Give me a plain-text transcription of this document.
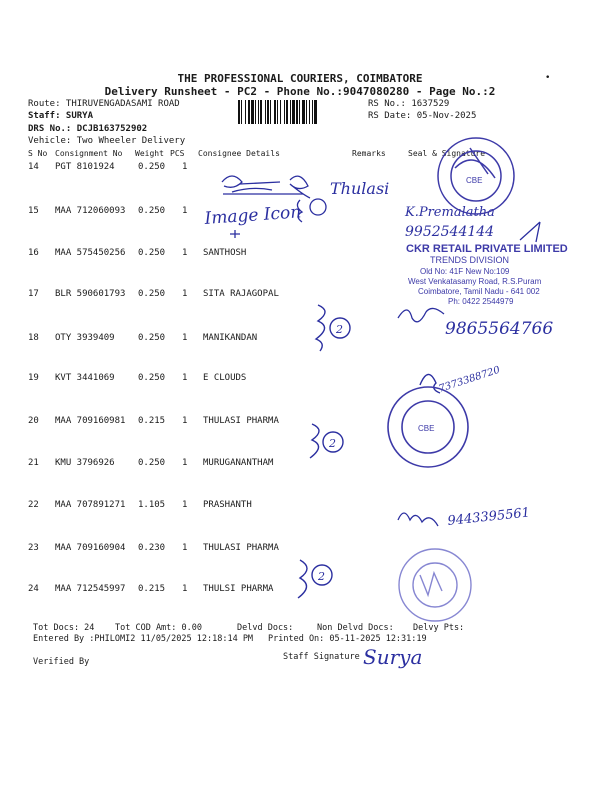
THE PROFESSIONAL COURIERS, COIMBATORE
Delivery Runsheet - PC2 - Phone No.:9047080280 - Page No.:2
•
Route: THIRUVENGADASAMI ROAD
Staff: SURYA
DRS No.: DCJB163752902
Vehicle: Two Wheeler Delivery
RS No.: 1637529
RS Date: 05-Nov-2025
S No Consignment No Weight PCS Consignee Details	Remarks	Seal & Signature
14 PGT 8101924	0.250 1
15 MAA 712060093 0.250 1
16 MAA 575450256 0.250 1 SANTHOSH
17 BLR 590601793 0.250 1 SITA RAJAGOPAL
18 OTY 3939409	0.250 1 MANIKANDAN
19 KVT 3441069	0.250 1 E CLOUDS
20 MAA 709160981 0.215 1 THULASI PHARMA
21 KMU 3796926	0.250 1 MURUGANANTHAM
22 MAA 707891271 1.105 1 PRASHANTH
23 MAA 709160904 0.230 1 THULASI PHARMA
24 MAA 712545997 0.215 1 THULSI PHARMA
Thulasi
Image Icon	K.Premalatha
9952544144
CBE
CKR RETAIL PRIVATE LIMITED
TRENDS DIVISION
Old No: 41F New No:109
West Venkatasamy Road, R.S.Puram
Coimbatore, Tamil Nadu - 641 002
Ph: 0422 2544979
2	9865564766
7373388720
CBE
2
9443395561
2
Surya
Tot Docs: 24 Tot COD Amt: 0.00	Delvd Docs:	Non Delvd Docs: Delvy Pts:
Entered By :PHILOMI2 11/05/2025 12:18:14 PM Printed On: 05-11-2025 12:31:19
Verified By	Staff Signature
